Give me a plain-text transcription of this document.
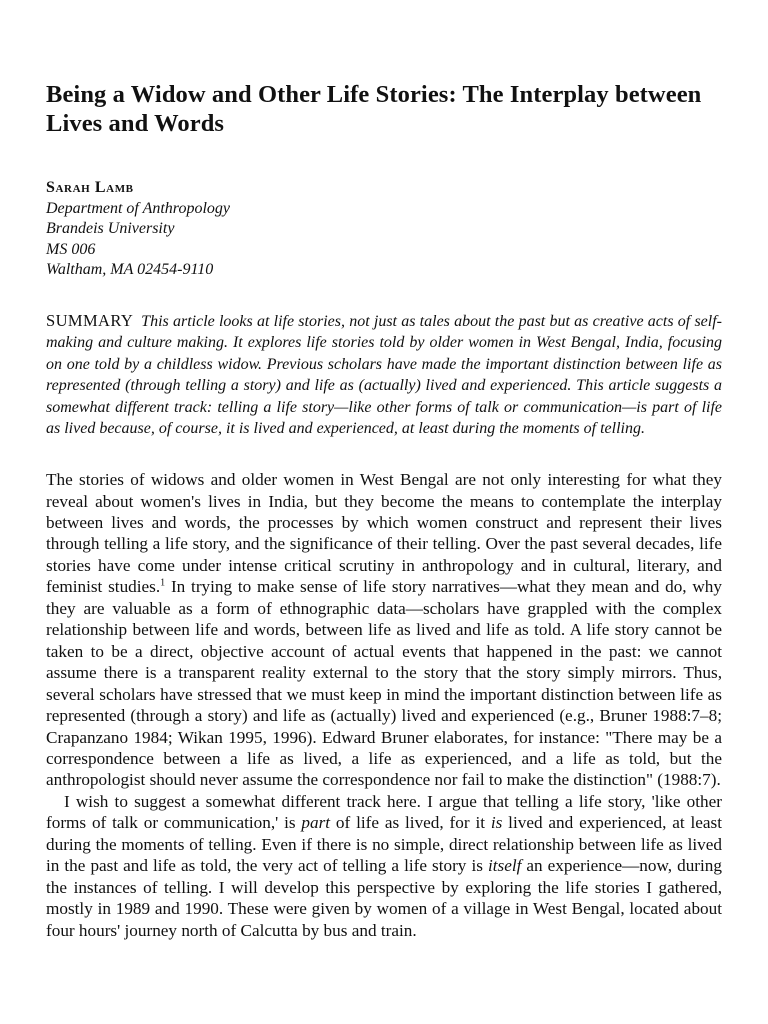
Being a Widow and Other Life Stories: The Interplay between Lives and Words
Sarah Lamb
Department of Anthropology
Brandeis University
MS 006
Waltham, MA 02454-9110
SUMMARY This article looks at life stories, not just as tales about the past but as creative acts of self-making and culture making. It explores life stories told by older women in West Bengal, India, focusing on one told by a childless widow. Previous scholars have made the important distinction between life as represented (through telling a story) and life as (actually) lived and experienced. This article suggests a somewhat different track: telling a life story—like other forms of talk or communication—is part of life as lived because, of course, it is lived and experienced, at least during the moments of telling.

The stories of widows and older women in West Bengal are not only interesting for what they reveal about women's lives in India, but they become the means to contemplate the interplay between lives and words, the processes by which women construct and represent their lives through telling a life story, and the significance of their telling. Over the past several decades, life stories have come under intense critical scrutiny in anthropology and in cultural, literary, and feminist studies.$^1$ In trying to make sense of life story narratives—what they mean and do, why they are valuable as a form of ethnographic data—scholars have grappled with the complex relationship between life and words, between life as lived and life as told. A life story cannot be taken to be a direct, objective account of actual events that happened in the past: we cannot assume there is a transparent reality external to the story that the story simply mirrors. Thus, several scholars have stressed that we must keep in mind the important distinction between life as represented (through a story) and life as (actually) lived and experienced (e.g., Bruner 1988:7–8; Crapanzano 1984; Wikan 1995, 1996). Edward Bruner elaborates, for instance: "There may be a correspondence between a life as lived, a life as experienced, and a life as told, but the anthropologist should never assume the correspondence nor fail to make the distinction" (1988:7).

I wish to suggest a somewhat different track here. I argue that telling a life story, 'like other forms of talk or communication,' is part of life as lived, for it is lived and experienced, at least during the moments of telling. Even if there is no simple, direct relationship between life as lived in the past and life as told, the very act of telling a life story is itself an experience—now, during the instances of telling. I will develop this perspective by exploring the life stories I gathered, mostly in 1989 and 1990. These were given by women of a village in West Bengal, located about four hours' journey north of Calcutta by bus and train.
